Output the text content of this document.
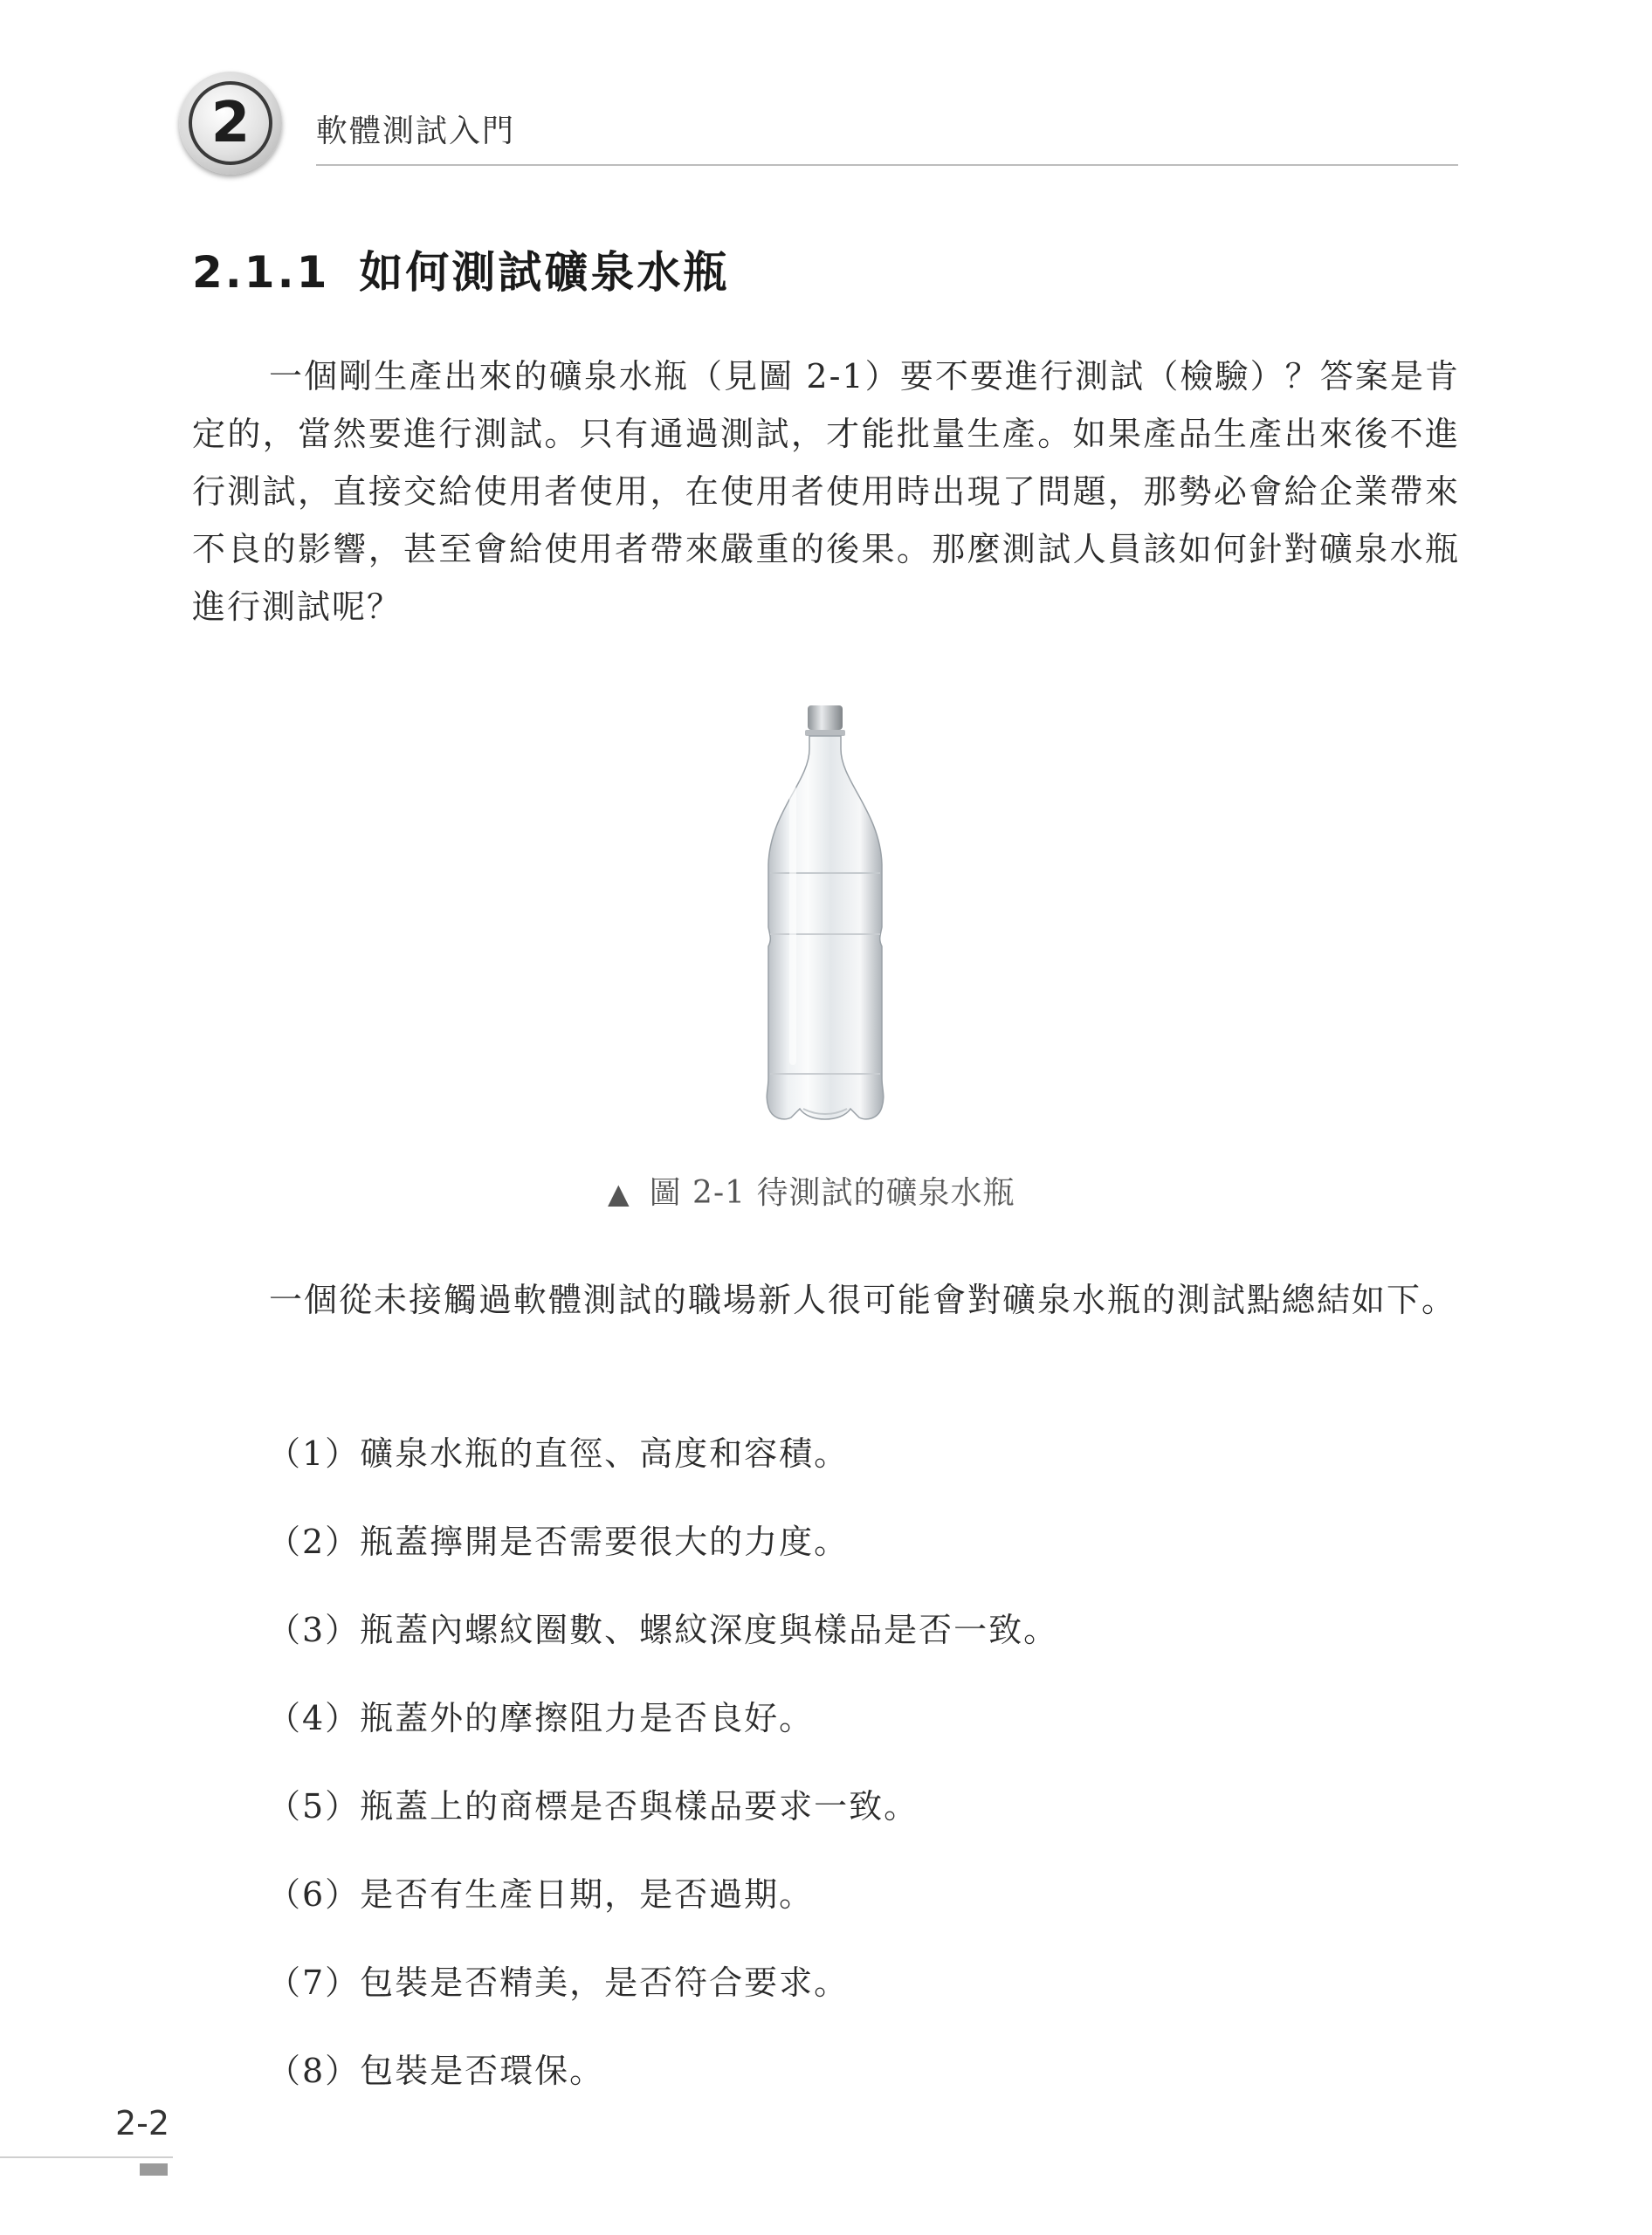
2 軟體測試入門
2.1.1 如何測試礦泉水瓶

一個剛生產出來的礦泉水瓶（見圖 2-1）要不要進行測試（檢驗）？答案是肯定的，當然要進行測試。只有通過測試，才能批量生產。如果產品生產出來後不進行測試，直接交給使用者使用，在使用者使用時出現了問題，那勢必會給企業帶來不良的影響，甚至會給使用者帶來嚴重的後果。那麼測試人員該如何針對礦泉水瓶進行測試呢？

▲ 圖 2-1 待測試的礦泉水瓶

一個從未接觸過軟體測試的職場新人很可能會對礦泉水瓶的測試點總結如下。

（1）礦泉水瓶的直徑、高度和容積。
（2）瓶蓋擰開是否需要很大的力度。
（3）瓶蓋內螺紋圈數、螺紋深度與樣品是否一致。
（4）瓶蓋外的摩擦阻力是否良好。
（5）瓶蓋上的商標是否與樣品要求一致。
（6）是否有生產日期，是否過期。
（7）包裝是否精美，是否符合要求。
（8）包裝是否環保。
2-2
